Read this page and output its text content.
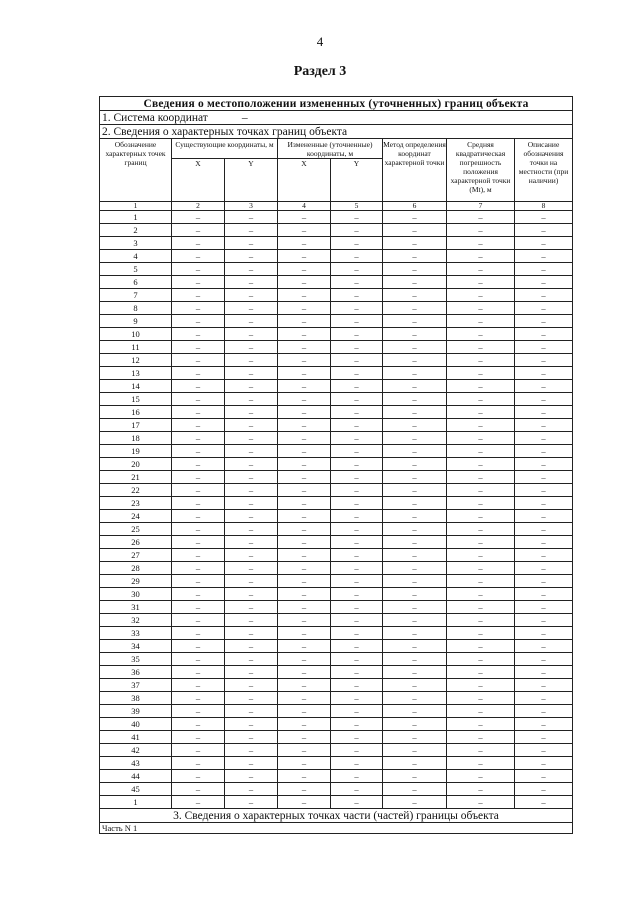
4
Раздел 3
Сведения о местоположении измененных (уточненных) границ объекта							
1. Система координат –							
2. Сведения о характерных точках границ объекта							
Обозначение характерных точек границ	Существующие координаты, м		Измененные (уточненные) координаты, м		Метод определения координат характерной точки	Средняя квадратическая погрешность положения характерной точки (Мt), м	Описание обозначения точки на местности (при наличии)
	X	Y	X	Y			
1	2	3	4	5	6	7	8
1	–	–	–	–	–	–	–
2	–	–	–	–	–	–	–
3	–	–	–	–	–	–	–
4	–	–	–	–	–	–	–
5	–	–	–	–	–	–	–
6	–	–	–	–	–	–	–
7	–	–	–	–	–	–	–
8	–	–	–	–	–	–	–
9	–	–	–	–	–	–	–
10	–	–	–	–	–	–	–
11	–	–	–	–	–	–	–
12	–	–	–	–	–	–	–
13	–	–	–	–	–	–	–
14	–	–	–	–	–	–	–
15	–	–	–	–	–	–	–
16	–	–	–	–	–	–	–
17	–	–	–	–	–	–	–
18	–	–	–	–	–	–	–
19	–	–	–	–	–	–	–
20	–	–	–	–	–	–	–
21	–	–	–	–	–	–	–
22	–	–	–	–	–	–	–
23	–	–	–	–	–	–	–
24	–	–	–	–	–	–	–
25	–	–	–	–	–	–	–
26	–	–	–	–	–	–	–
27	–	–	–	–	–	–	–
28	–	–	–	–	–	–	–
29	–	–	–	–	–	–	–
30	–	–	–	–	–	–	–
31	–	–	–	–	–	–	–
32	–	–	–	–	–	–	–
33	–	–	–	–	–	–	–
34	–	–	–	–	–	–	–
35	–	–	–	–	–	–	–
36	–	–	–	–	–	–	–
37	–	–	–	–	–	–	–
38	–	–	–	–	–	–	–
39	–	–	–	–	–	–	–
40	–	–	–	–	–	–	–
41	–	–	–	–	–	–	–
42	–	–	–	–	–	–	–
43	–	–	–	–	–	–	–
44	–	–	–	–	–	–	–
45	–	–	–	–	–	–	–
1	–	–	–	–	–	–	–
3. Сведения о характерных точках части (частей) границы объекта							
Часть N 1							
